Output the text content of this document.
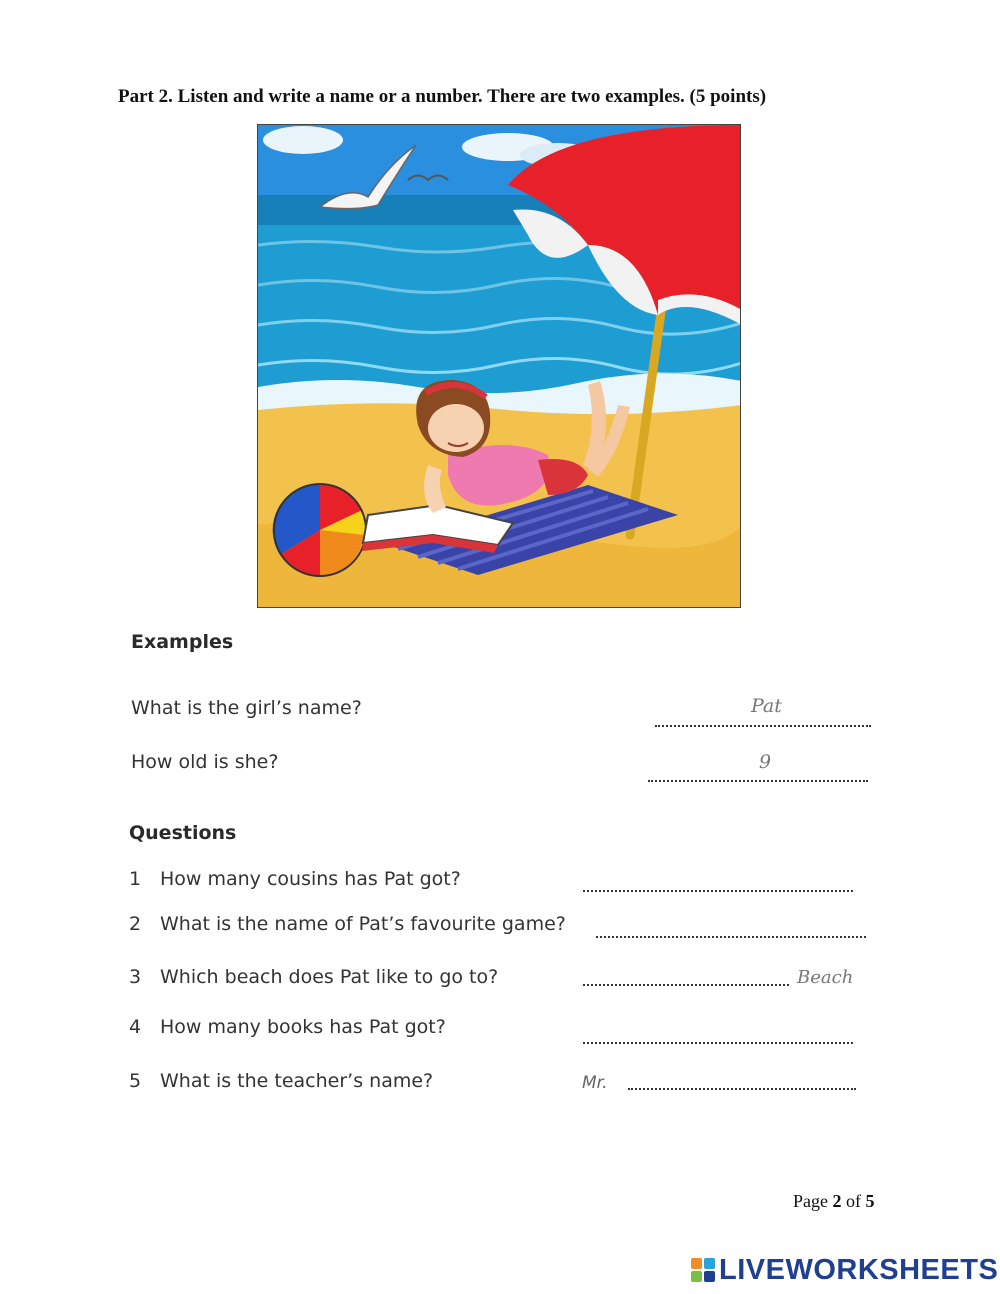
Part 2. Listen and write a name or a number. There are two examples. (5 points)
Examples
What is the girl’s name?	Pat
How old is she?	9
Questions
1 How many cousins has Pat got?
2 What is the name of Pat’s favourite game?
3 Which beach does Pat like to go to?	Beach
4 How many books has Pat got?
5 What is the teacher’s name?	Mr.
Page 2 of 5
LIVEWORKSHEETS
